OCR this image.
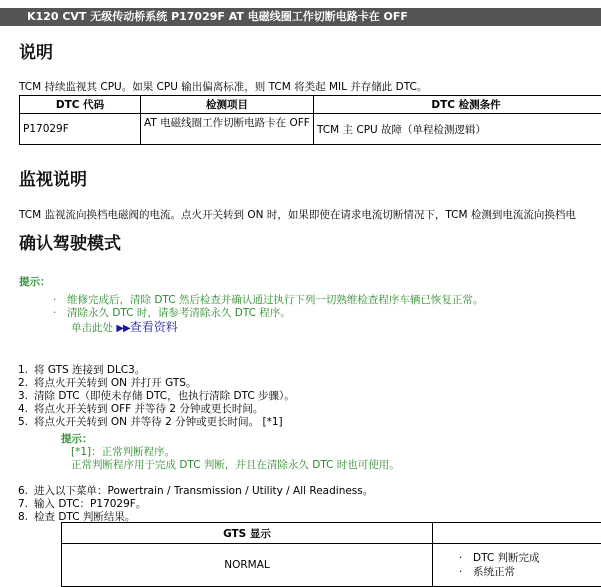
K120 CVT 无级传动桥系统 P17029F AT 电磁线圈工作切断电路卡在 OFF
说明
TCM 持续监视其 CPU。如果 CPU 输出偏离标准，则 TCM 将类起 MIL 并存储此 DTC。
DTC 代码	检测项目	DTC 检测条件
P17029F	AT 电磁线圈工作切断电路卡在 OFF	TCM 主 CPU 故障（单程检测逻辑）
监视说明
TCM 监视流向换档电磁阀的电流。点火开关转到 ON 时，如果即使在请求电流切断情况下，TCM 检测到电流流向换档电
确认驾驶模式
提示：
· 维修完成后，清除 DTC 然后检查并确认通过执行下列一切熟维检查程序车辆已恢复正常。
· 清除永久 DTC 时，请参考清除永久 DTC 程序。
单击此处 ▶▶查看资料
1. 将 GTS 连接到 DLC3。
2. 将点火开关转到 ON 并打开 GTS。
3. 清除 DTC（即使未存储 DTC，也执行清除 DTC 步骤）。
4. 将点火开关转到 OFF 并等待 2 分钟或更长时间。
5. 将点火开关转到 ON 并等待 2 分钟或更长时间。 [*1]
提示：
[*1]：正常判断程序。
正常判断程序用于完成 DTC 判断，并且在清除永久 DTC 时也可使用。
6. 进入以下菜单：Powertrain / Transmission / Utility / All Readiness。
7. 输入 DTC：P17029F。
8. 检查 DTC 判断结果。
GTS 显示	
NORMAL	· DTC 判断完成
· 系统正常
